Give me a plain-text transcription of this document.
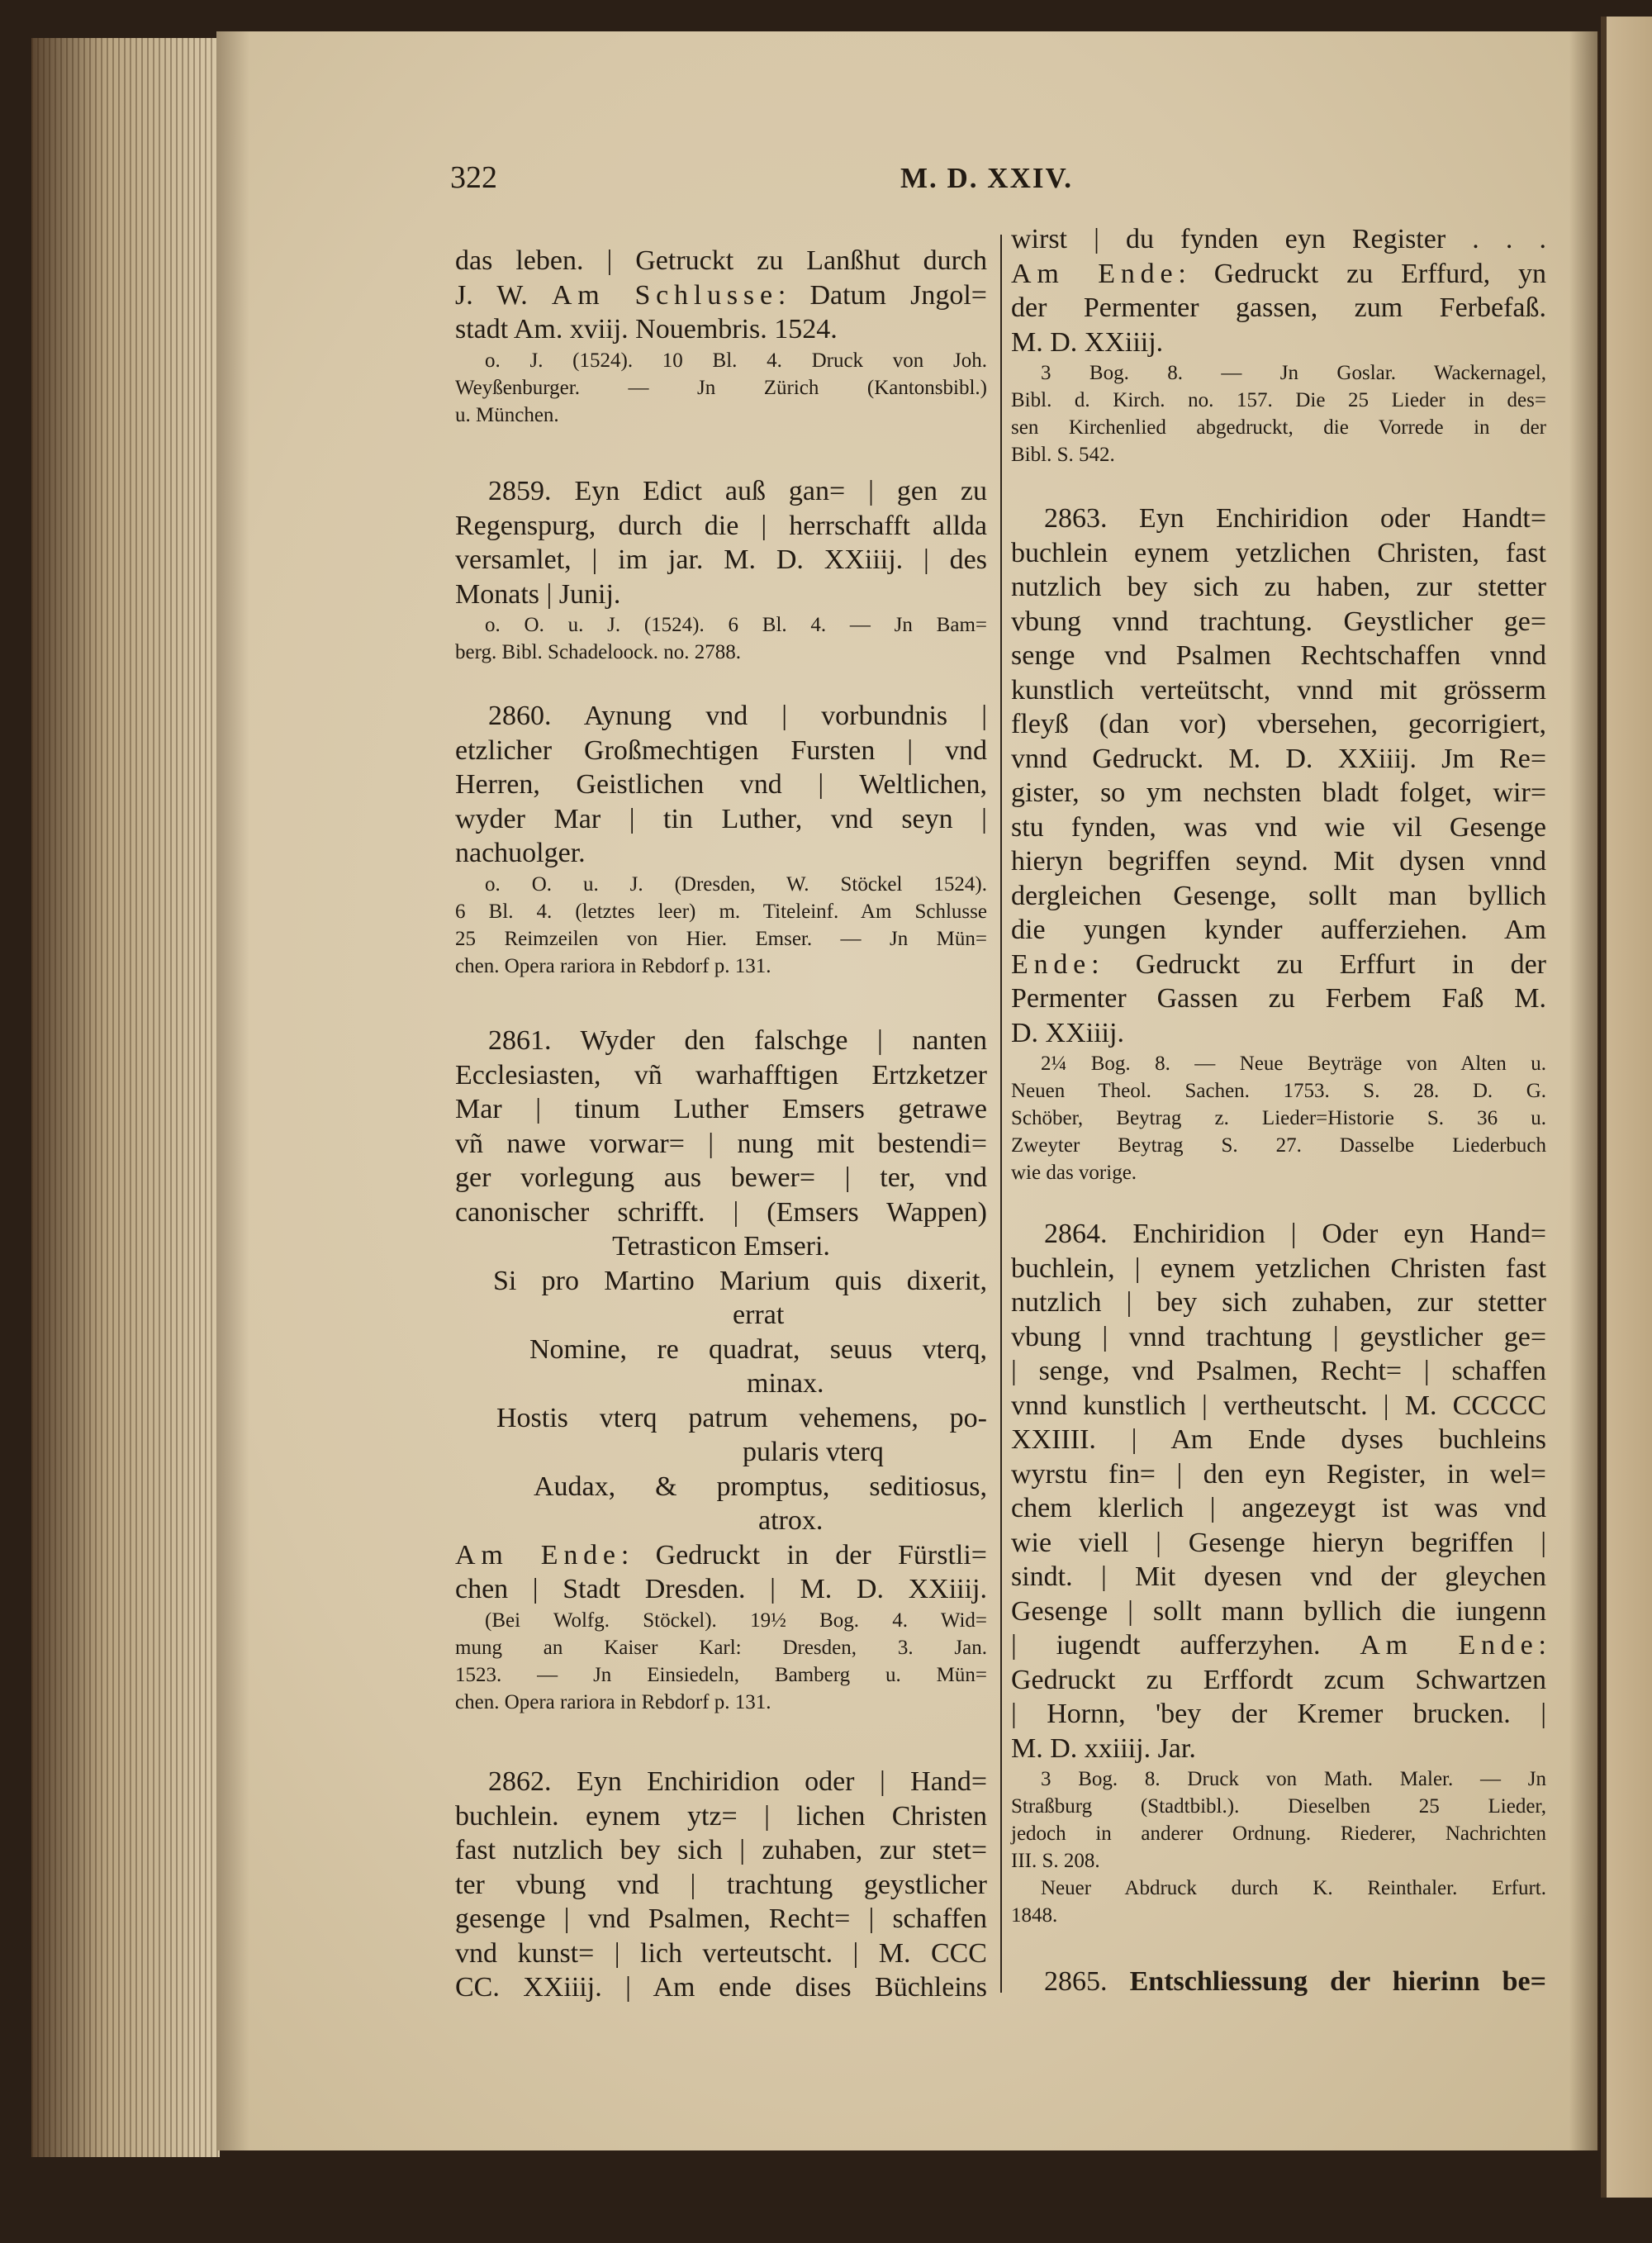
322	M. D. XXIV.
das leben. | Getruckt zu Lanßhut durch
J. W. Am Schlusse: Datum Jngol=
stadt Am. xviij. Nouembris. 1524.
o. J. (1524). 10 Bl. 4. Druck von Joh.
Weyßenburger. — Jn Zürich (Kantonsbibl.)
u. München.
2859. Eyn Edict auß gan= | gen zu
Regenspurg, durch die | herrschafft allda
versamlet, | im jar. M. D. XXiiij. | des
Monats | Junij.
o. O. u. J. (1524). 6 Bl. 4. — Jn Bam=
berg. Bibl. Schadeloock. no. 2788.
2860. Aynung vnd | vorbundnis |
etzlicher Großmechtigen Fursten | vnd
Herren, Geistlichen vnd | Weltlichen,
wyder Mar | tin Luther, vnd seyn |
nachuolger.
o. O. u. J. (Dresden, W. Stöckel 1524).
6 Bl. 4. (letztes leer) m. Titeleinf. Am Schlusse
25 Reimzeilen von Hier. Emser. — Jn Mün=
chen. Opera rariora in Rebdorf p. 131.
2861. Wyder den falschge | nanten
Ecclesiasten, vñ warhafftigen Ertzketzer
Mar | tinum Luther Emsers getrawe
vñ nawe vorwar= | nung mit bestendi=
ger vorlegung aus bewer= | ter, vnd
canonischer schrifft. | (Emsers Wappen)
Tetrasticon Emseri.
Si pro Martino Marium quis dixerit,
errat
Nomine, re quadrat, seuus vterq,
minax.
Hostis vterq patrum vehemens, po-
pularis vterq
Audax, & promptus, seditiosus,
atrox.
Am Ende: Gedruckt in der Fürstli=
chen | Stadt Dresden. | M. D. XXiiij.
(Bei Wolfg. Stöckel). 19½ Bog. 4. Wid=
mung an Kaiser Karl: Dresden, 3. Jan.
1523. — Jn Einsiedeln, Bamberg u. Mün=
chen. Opera rariora in Rebdorf p. 131.
2862. Eyn Enchiridion oder | Hand=
buchlein. eynem ytz= | lichen Christen
fast nutzlich bey sich | zuhaben, zur stet=
ter vbung vnd | trachtung geystlicher
gesenge | vnd Psalmen, Recht= | schaffen
vnd kunst= | lich verteutscht. | M. CCC
CC. XXiiij. | Am ende dises Büchleins
wirst | du fynden eyn Register . . .
Am Ende: Gedruckt zu Erffurd, yn
der Permenter gassen, zum Ferbefaß.
M. D. XXiiij.
3 Bog. 8. — Jn Goslar. Wackernagel,
Bibl. d. Kirch. no. 157. Die 25 Lieder in des=
sen Kirchenlied abgedruckt, die Vorrede in der
Bibl. S. 542.
2863. Eyn Enchiridion oder Handt=
buchlein eynem yetzlichen Christen, fast
nutzlich bey sich zu haben, zur stetter
vbung vnnd trachtung. Geystlicher ge=
senge vnd Psalmen Rechtschaffen vnnd
kunstlich verteütscht, vnnd mit grösserm
fleyß (dan vor) vbersehen, gecorrigiert,
vnnd Gedruckt. M. D. XXiiij. Jm Re=
gister, so ym nechsten bladt folget, wir=
stu fynden, was vnd wie vil Gesenge
hieryn begriffen seynd. Mit dysen vnnd
dergleichen Gesenge, sollt man byllich
die yungen kynder aufferziehen. Am
Ende: Gedruckt zu Erffurt in der
Permenter Gassen zu Ferbem Faß M.
D. XXiiij.
2¼ Bog. 8. — Neue Beyträge von Alten u.
Neuen Theol. Sachen. 1753. S. 28. D. G.
Schöber, Beytrag z. Lieder=Historie S. 36 u.
Zweyter Beytrag S. 27. Dasselbe Liederbuch
wie das vorige.
2864. Enchiridion | Oder eyn Hand=
buchlein, | eynem yetzlichen Christen fast
nutzlich | bey sich zuhaben, zur stetter
vbung | vnnd trachtung | geystlicher ge=
| senge, vnd Psalmen, Recht= | schaffen
vnnd kunstlich | vertheutscht. | M. CCCCC
XXIIII. | Am Ende dyses buchleins
wyrstu fin= | den eyn Register, in wel=
chem klerlich | angezeygt ist was vnd
wie viell | Gesenge hieryn begriffen |
sindt. | Mit dyesen vnd der gleychen
Gesenge | sollt mann byllich die iungenn
| iugendt aufferzyhen. Am Ende:
Gedruckt zu Erffordt zcum Schwartzen
| Hornn, 'bey der Kremer brucken. |
M. D. xxiiij. Jar.
3 Bog. 8. Druck von Math. Maler. — Jn
Straßburg (Stadtbibl.). Dieselben 25 Lieder,
jedoch in anderer Ordnung. Riederer, Nachrichten
III. S. 208.
Neuer Abdruck durch K. Reinthaler. Erfurt.
1848.
2865. Entschliessung der hierinn be=
